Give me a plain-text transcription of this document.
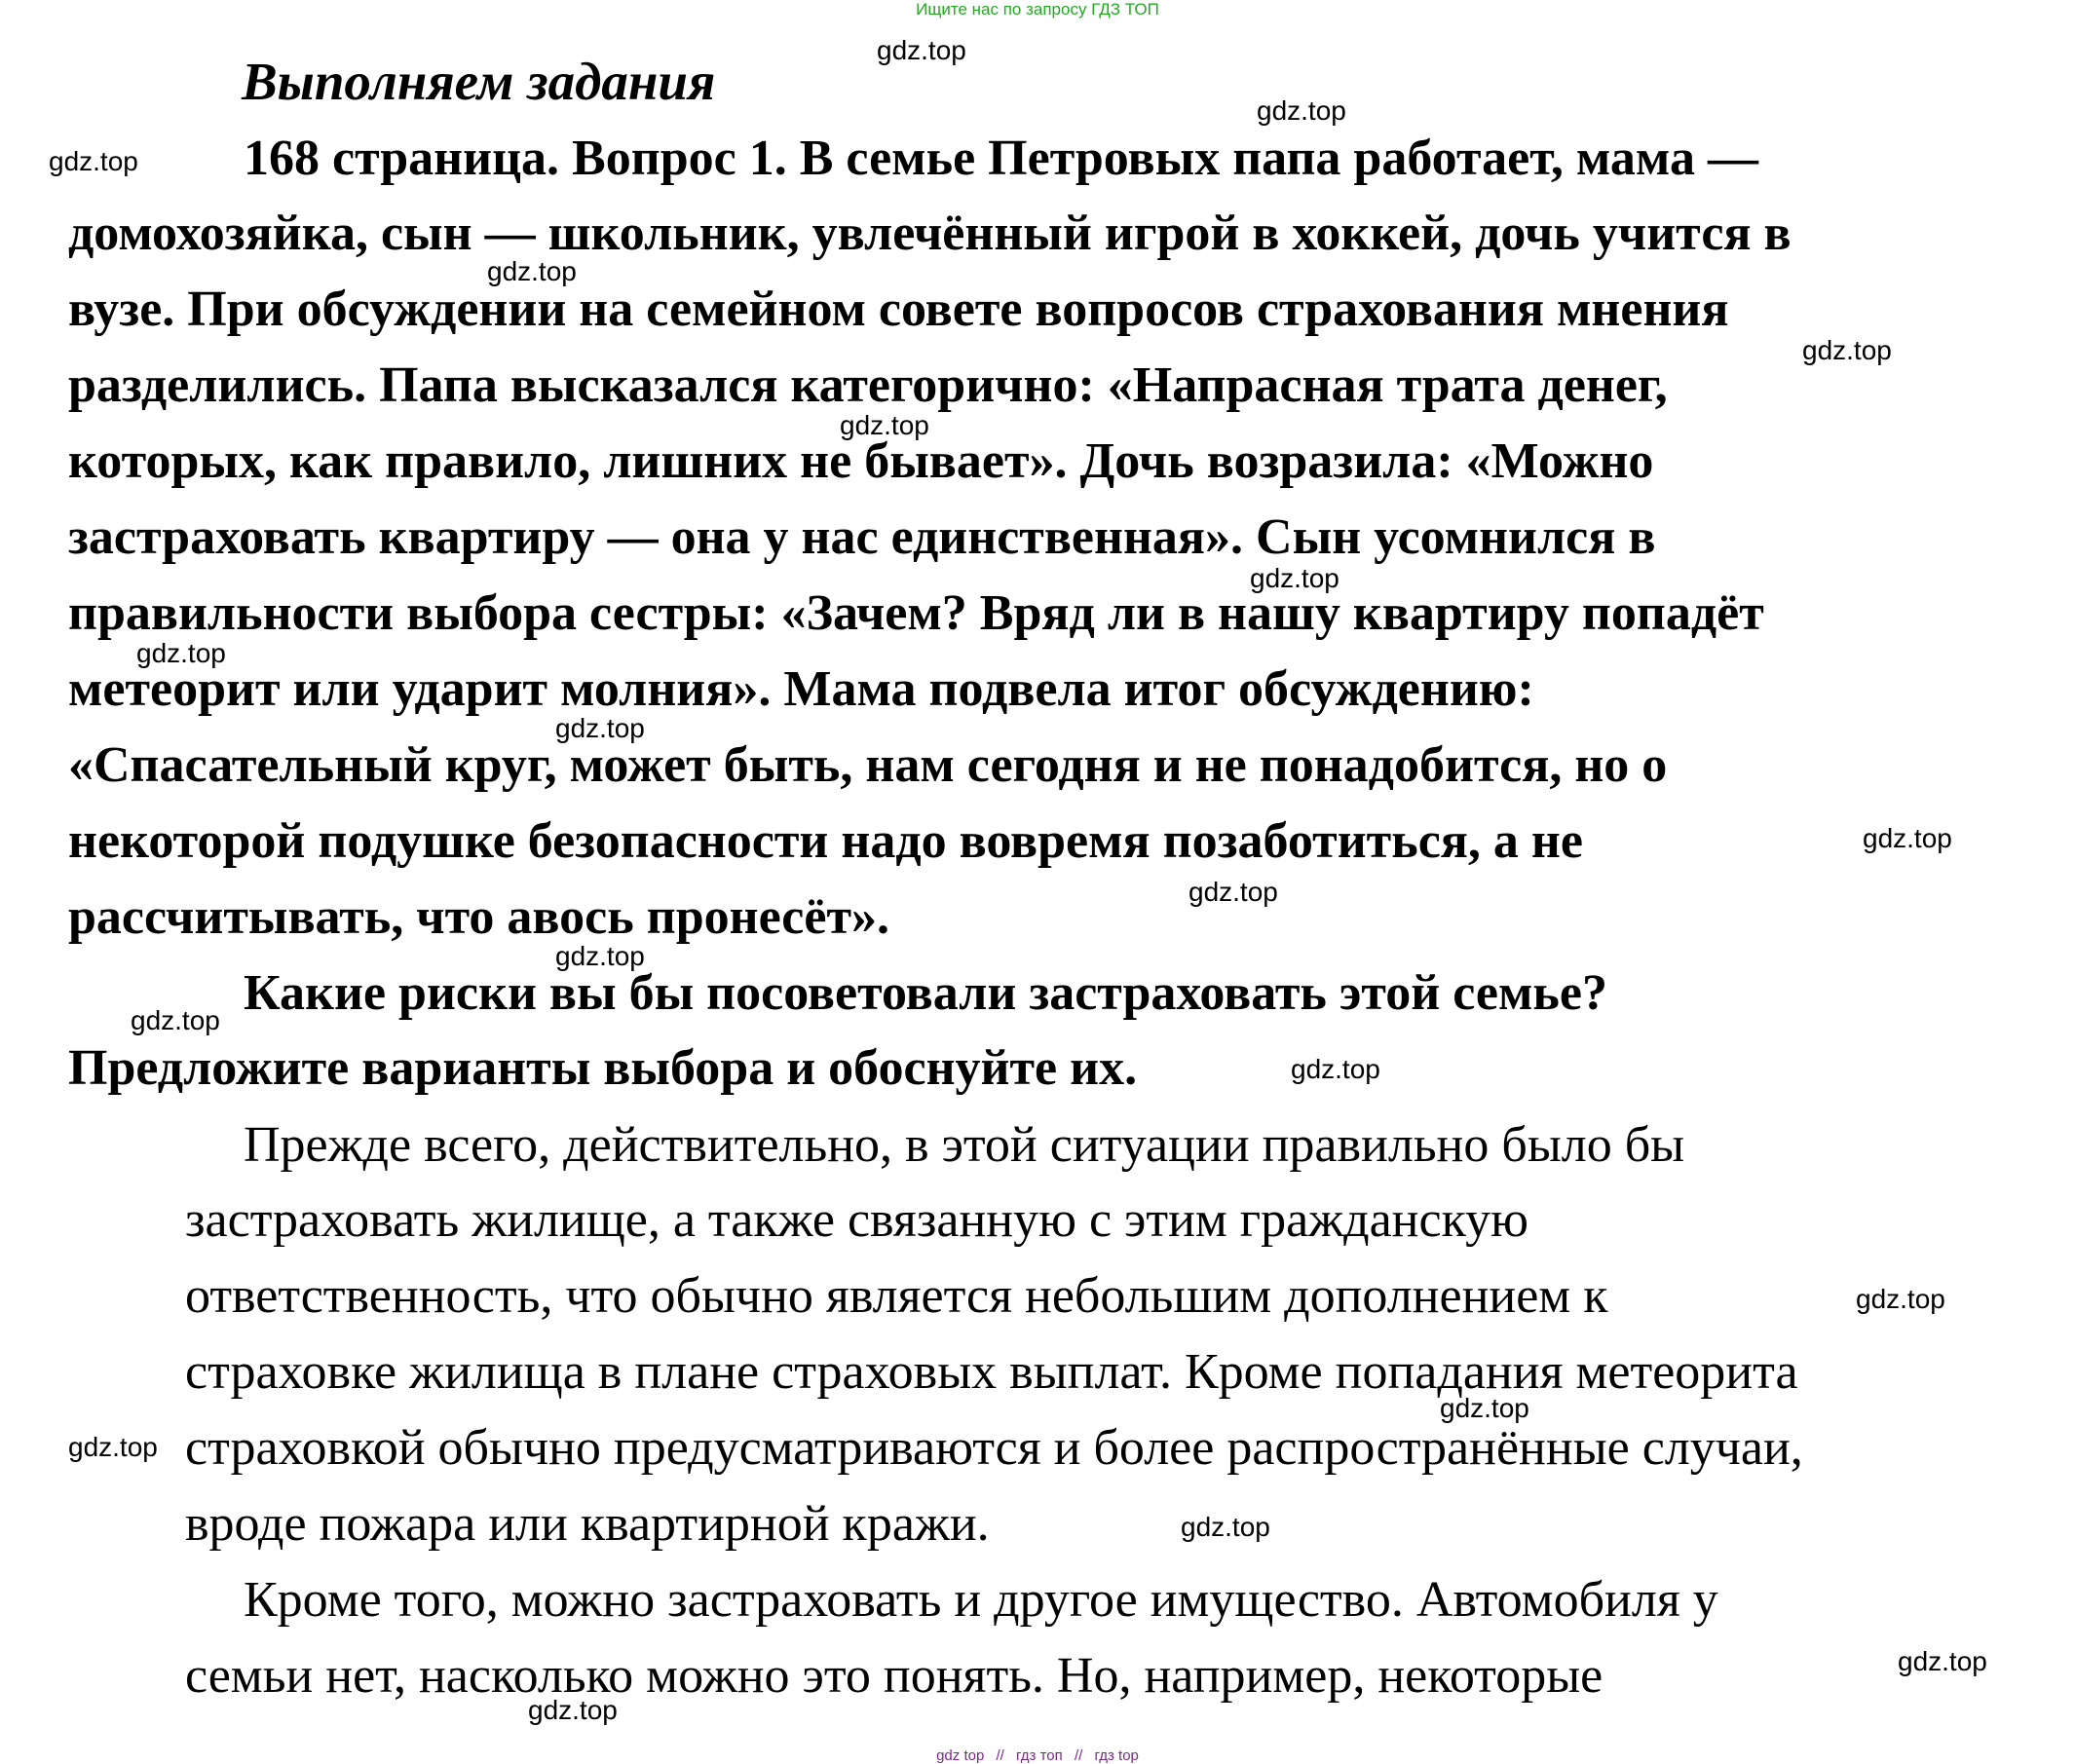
Ищите нас по запросу ГДЗ ТОП
Выполняем задания
168 страница. Вопрос 1. В семье Петровых папа работает, мама —
домохозяйка, сын — школьник, увлечённый игрой в хоккей, дочь учится в
вузе. При обсуждении на семейном совете вопросов страхования мнения
разделились. Папа высказался категорично: «Напрасная трата денег,
которых, как правило, лишних не бывает». Дочь возразила: «Можно
застраховать квартиру — она у нас единственная». Сын усомнился в
правильности выбора сестры: «Зачем? Вряд ли в нашу квартиру попадёт
метеорит или ударит молния». Мама подвела итог обсуждению:
«Спасательный круг, может быть, нам сегодня и не понадобится, но о
некоторой подушке безопасности надо вовремя позаботиться, а не
рассчитывать, что авось пронесёт».
Какие риски вы бы посоветовали застраховать этой семье?
Предложите варианты выбора и обоснуйте их.
Прежде всего, действительно, в этой ситуации правильно было бы
застраховать жилище, а также связанную с этим гражданскую
ответственность, что обычно является небольшим дополнением к
страховке жилища в плане страховых выплат. Кроме попадания метеорита
страховкой обычно предусматриваются и более распространённые случаи,
вроде пожара или квартирной кражи.
Кроме того, можно застраховать и другое имущество. Автомобиля у
семьи нет, насколько можно это понять. Но, например, некоторые
gdz.top
gdz.top
gdz.top
gdz.top
gdz.top
gdz.top
gdz.top
gdz.top
gdz.top
gdz.top
gdz.top
gdz.top
gdz.top
gdz.top
gdz.top
gdz.top
gdz.top
gdz.top
gdz.top
gdz.top
gdz top // гдз топ // гдз top
